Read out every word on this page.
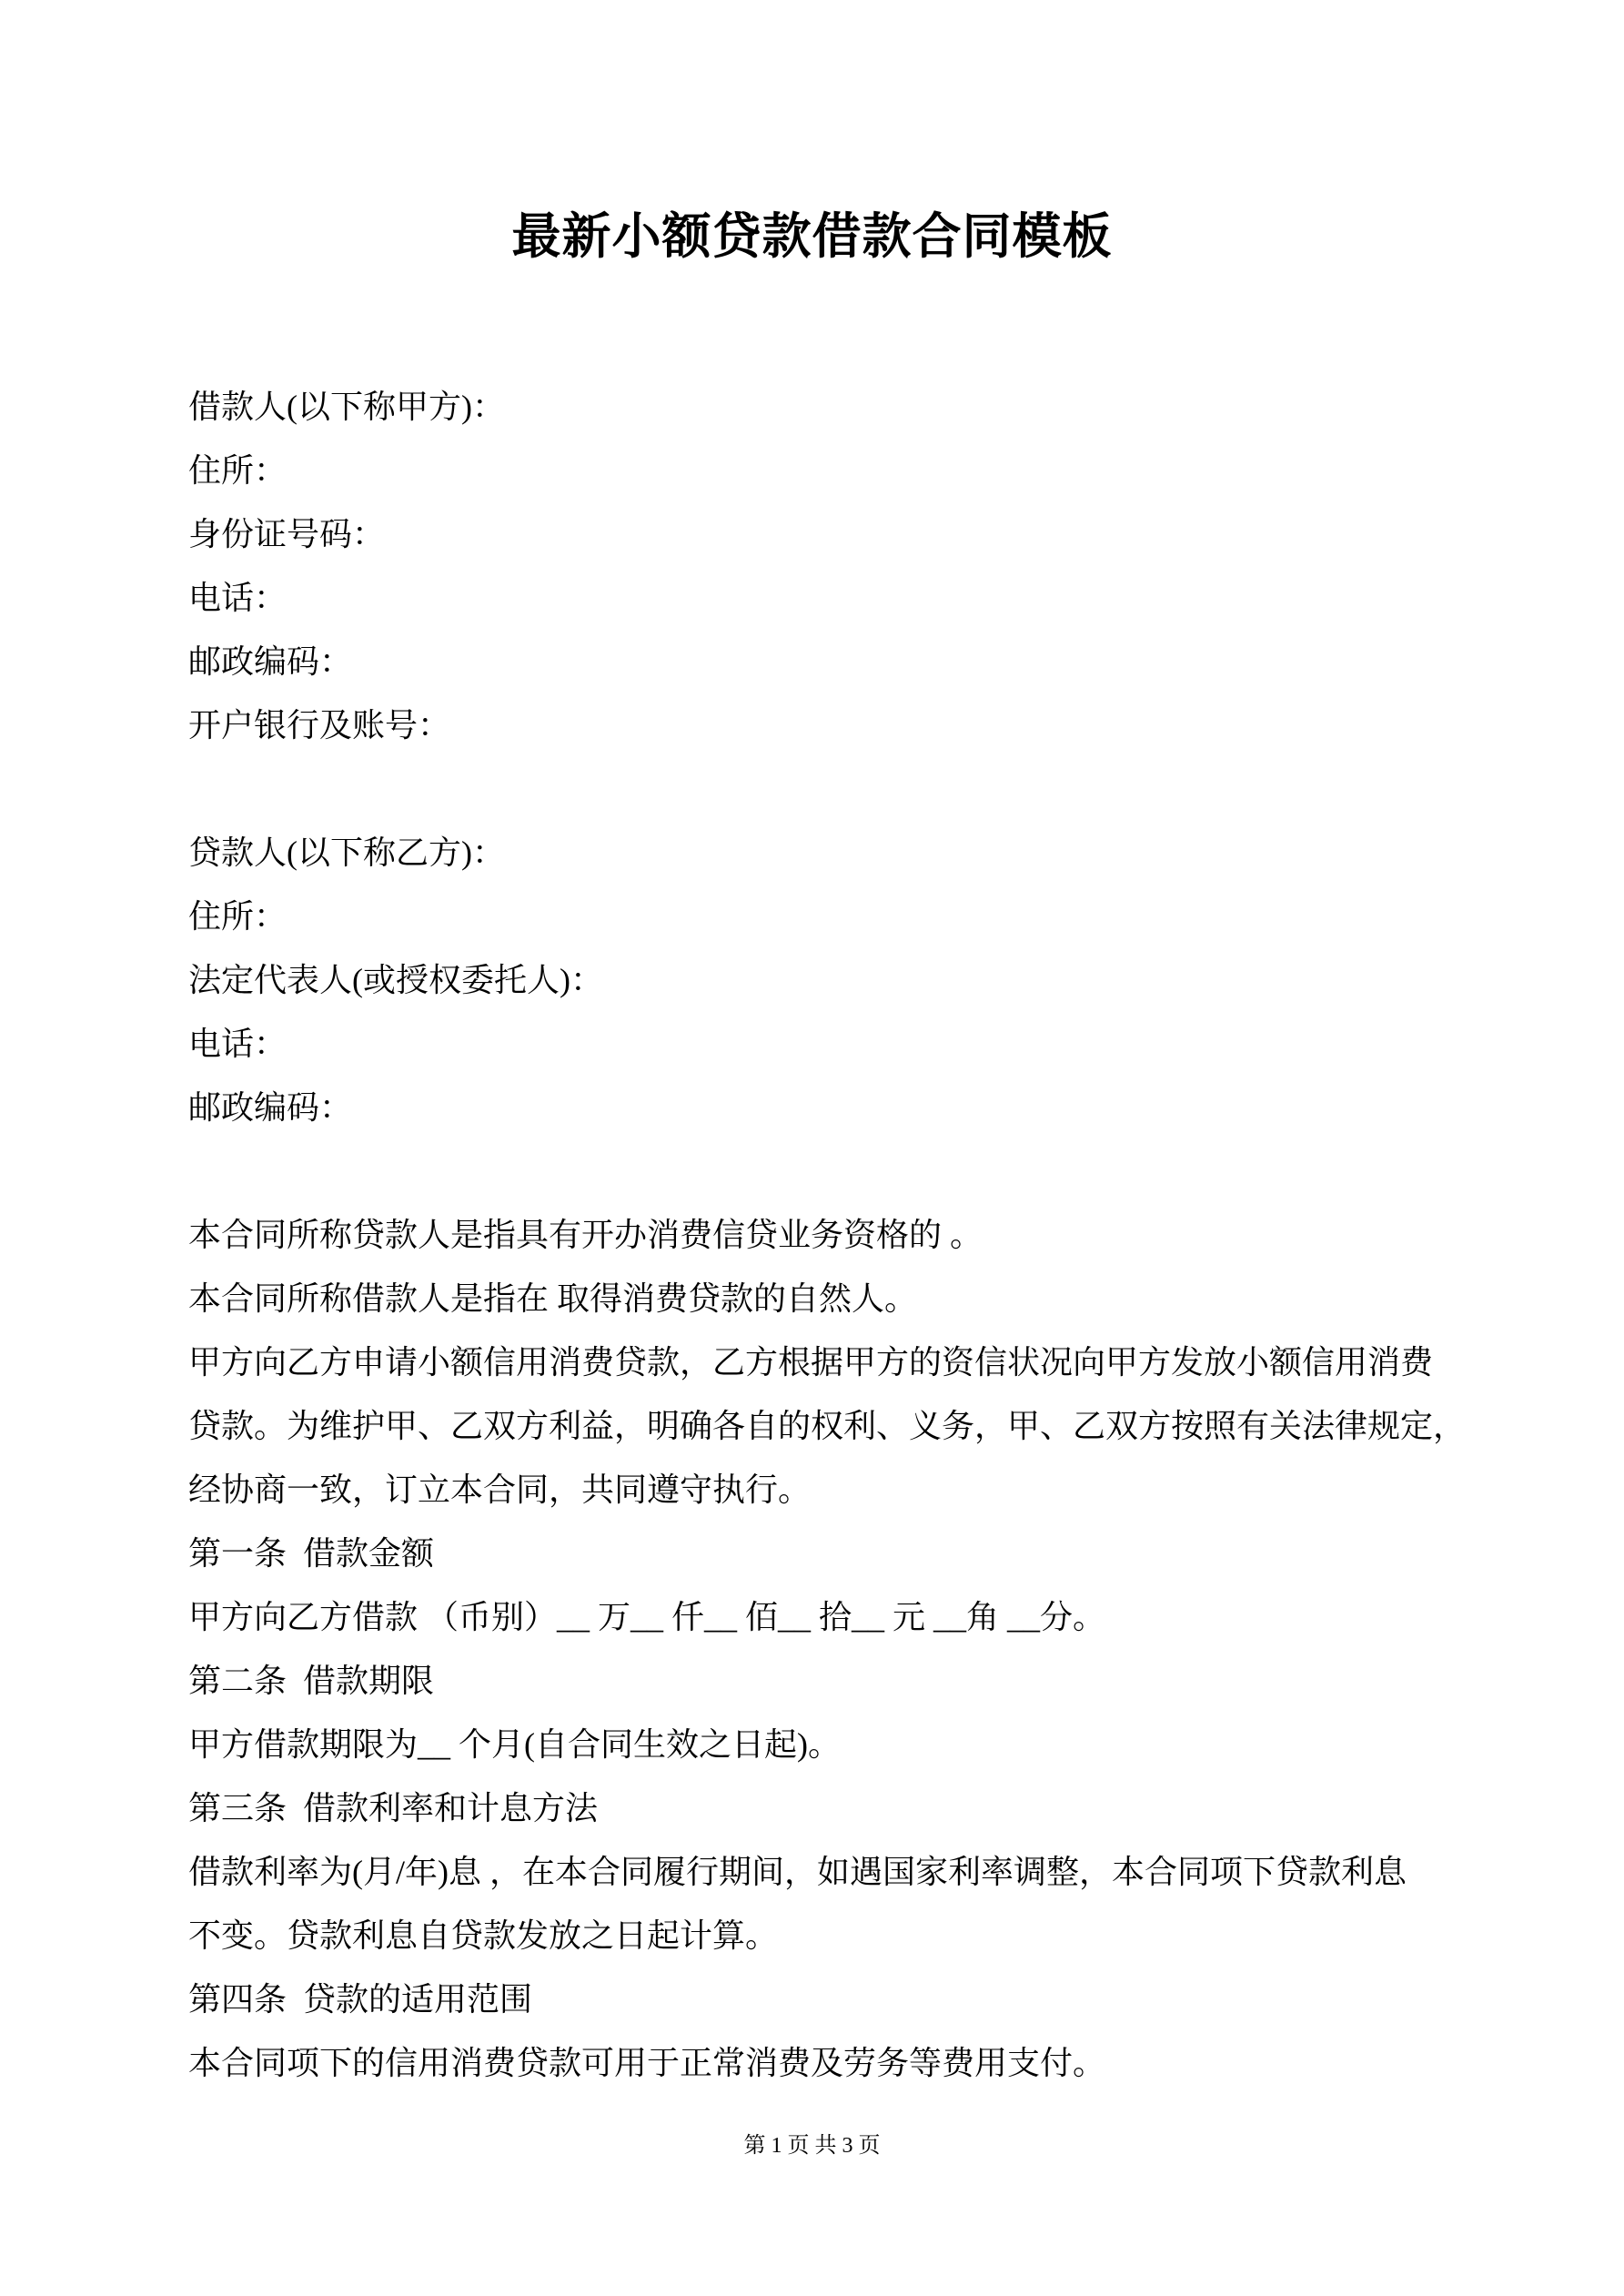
最新小额贷款借款合同模板
借款人(以下称甲方)：
住所：
身份证号码：
电话：
邮政编码：
开户银行及账号：
贷款人(以下称乙方)：
住所：
法定代表人(或授权委托人)：
电话：
邮政编码：
本合同所称贷款人是指具有开办消费信贷业务资格的 。
本合同所称借款人是指在 取得消费贷款的自然人。
甲方向乙方申请小额信用消费贷款，乙方根据甲方的资信状况向甲方发放小额信用消费
贷款。为维护甲、乙双方利益，明确各自的权利、义务，甲、乙双方按照有关法律规定，
经协商一致，订立本合同，共同遵守执行。
第一条  借款金额
甲方向乙方借款 （币别）__ 万__ 仟__ 佰__ 拾__ 元 __角 __分。
第二条  借款期限
甲方借款期限为__ 个月(自合同生效之日起)。
第三条  借款利率和计息方法
借款利率为(月/年)息 ，在本合同履行期间，如遇国家利率调整，本合同项下贷款利息
不变。贷款利息自贷款发放之日起计算。
第四条  贷款的适用范围
本合同项下的信用消费贷款可用于正常消费及劳务等费用支付。
第 1 页 共 3 页
